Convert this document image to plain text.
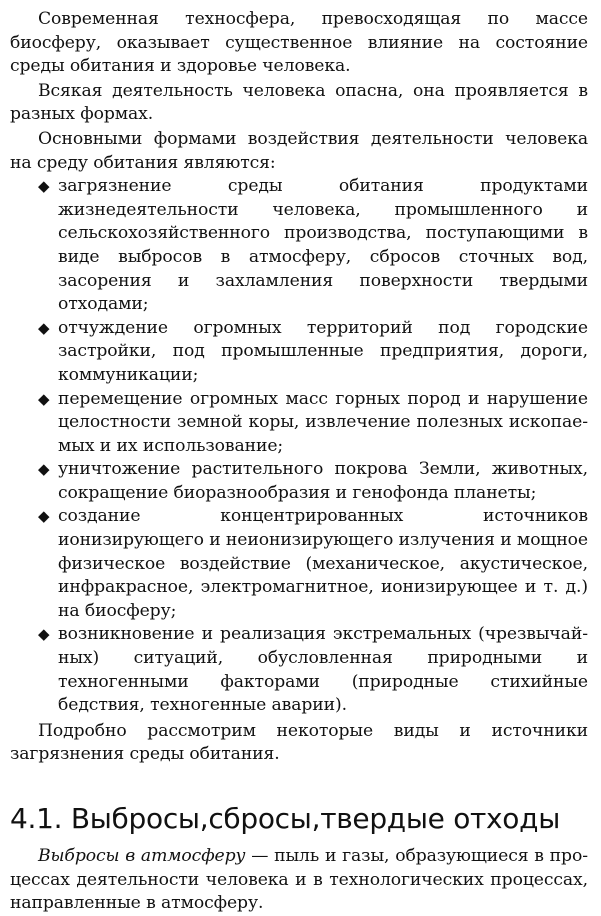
Современная техносфера, превосходящая по массе биосферу, оказывает существенное влияние на состояние среды обитания и здоровье человека.

Всякая деятельность человека опасна, она проявляется в разных формах.

Основными формами воздействия деятельности человека на среду обитания являются:

◆ загрязнение среды обитания продуктами жизнедеятельности человека, промышленного и сельскохозяйственного производства, поступающими в виде выбросов в атмосферу, сбросов сточных вод, засорения и захламления поверхности твердыми отходами;
◆ отчуждение огромных территорий под городские застройки, под промышленные предприятия, дороги, коммуникации;
◆ перемещение огромных масс горных пород и нарушение целостности земной коры, извлечение полезных ископаемых и их использование;
◆ уничтожение растительного покрова Земли, животных, сокращение биоразнообразия и генофонда планеты;
◆ создание концентрированных источников ионизирующего и неионизирующего излучения и мощное физическое воздействие (механическое, акустическое, инфракрасное, электромагнитное, ионизирующее и т. д.) на биосферу;
◆ возникновение и реализация экстремальных (чрезвычайных) ситуаций, обусловленная природными и техногенными факторами (природные стихийные бедствия, техногенные аварии).

Подробно рассмотрим некоторые виды и источники загрязнения среды обитания.

4.1. Выбросы,сбросы,твердые отходы

Выбросы в атмосферу — пыль и газы, образующиеся в процессах деятельности человека и в технологических процессах, направленные в атмосферу.
